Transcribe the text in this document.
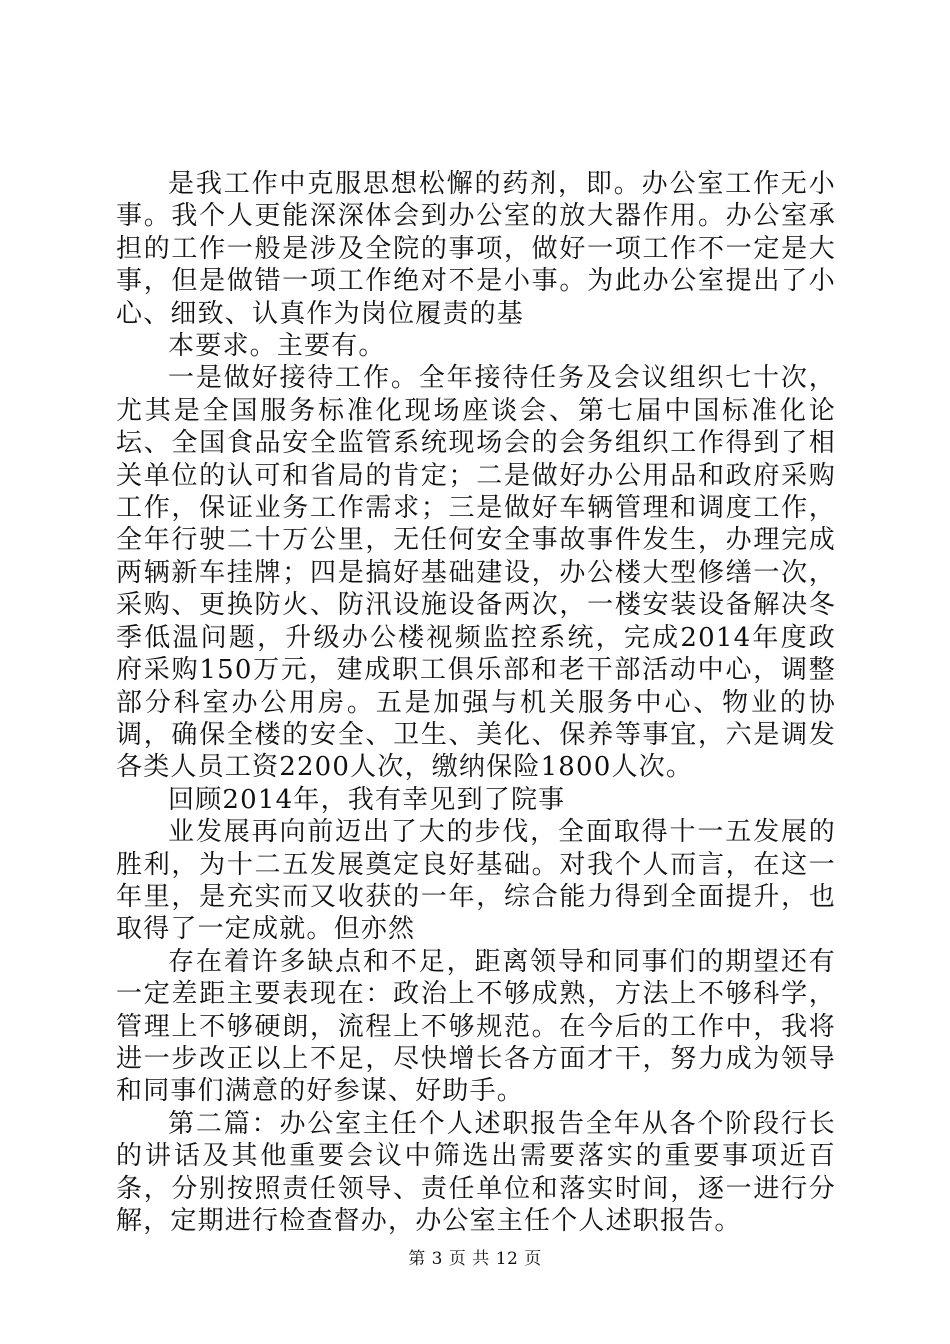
是我工作中克服思想松懈的药剂，即。办公室工作无小事。我个人更能深深体会到办公室的放大器作用。办公室承担的工作一般是涉及全院的事项，做好一项工作不一定是大事，但是做错一项工作绝对不是小事。为此办公室提出了小心、细致、认真作为岗位履责的基

本要求。主要有。

一是做好接待工作。全年接待任务及会议组织七十次，尤其是全国服务标准化现场座谈会、第七届中国标准化论坛、全国食品安全监管系统现场会的会务组织工作得到了相关单位的认可和省局的肯定；二是做好办公用品和政府采购工作，保证业务工作需求；三是做好车辆管理和调度工作，全年行驶二十万公里，无任何安全事故事件发生，办理完成两辆新车挂牌；四是搞好基础建设，办公楼大型修缮一次，采购、更换防火、防汛设施设备两次，一楼安装设备解决冬季低温问题，升级办公楼视频监控系统，完成2014年度政府采购150万元，建成职工俱乐部和老干部活动中心，调整部分科室办公用房。五是加强与机关服务中心、物业的协调，确保全楼的安全、卫生、美化、保养等事宜，六是调发各类人员工资2200人次，缴纳保险1800人次。

回顾2014年，我有幸见到了院事

业发展再向前迈出了大的步伐，全面取得十一五发展的胜利，为十二五发展奠定良好基础。对我个人而言，在这一年里，是充实而又收获的一年，综合能力得到全面提升，也取得了一定成就。但亦然

存在着许多缺点和不足，距离领导和同事们的期望还有一定差距主要表现在：政治上不够成熟，方法上不够科学，管理上不够硬朗，流程上不够规范。在今后的工作中，我将进一步改正以上不足，尽快增长各方面才干，努力成为领导和同事们满意的好参谋、好助手。

第二篇：办公室主任个人述职报告全年从各个阶段行长的讲话及其他重要会议中筛选出需要落实的重要事项近百条，分别按照责任领导、责任单位和落实时间，逐一进行分解，定期进行检查督办，办公室主任个人述职报告。

第 3 页 共 12 页
